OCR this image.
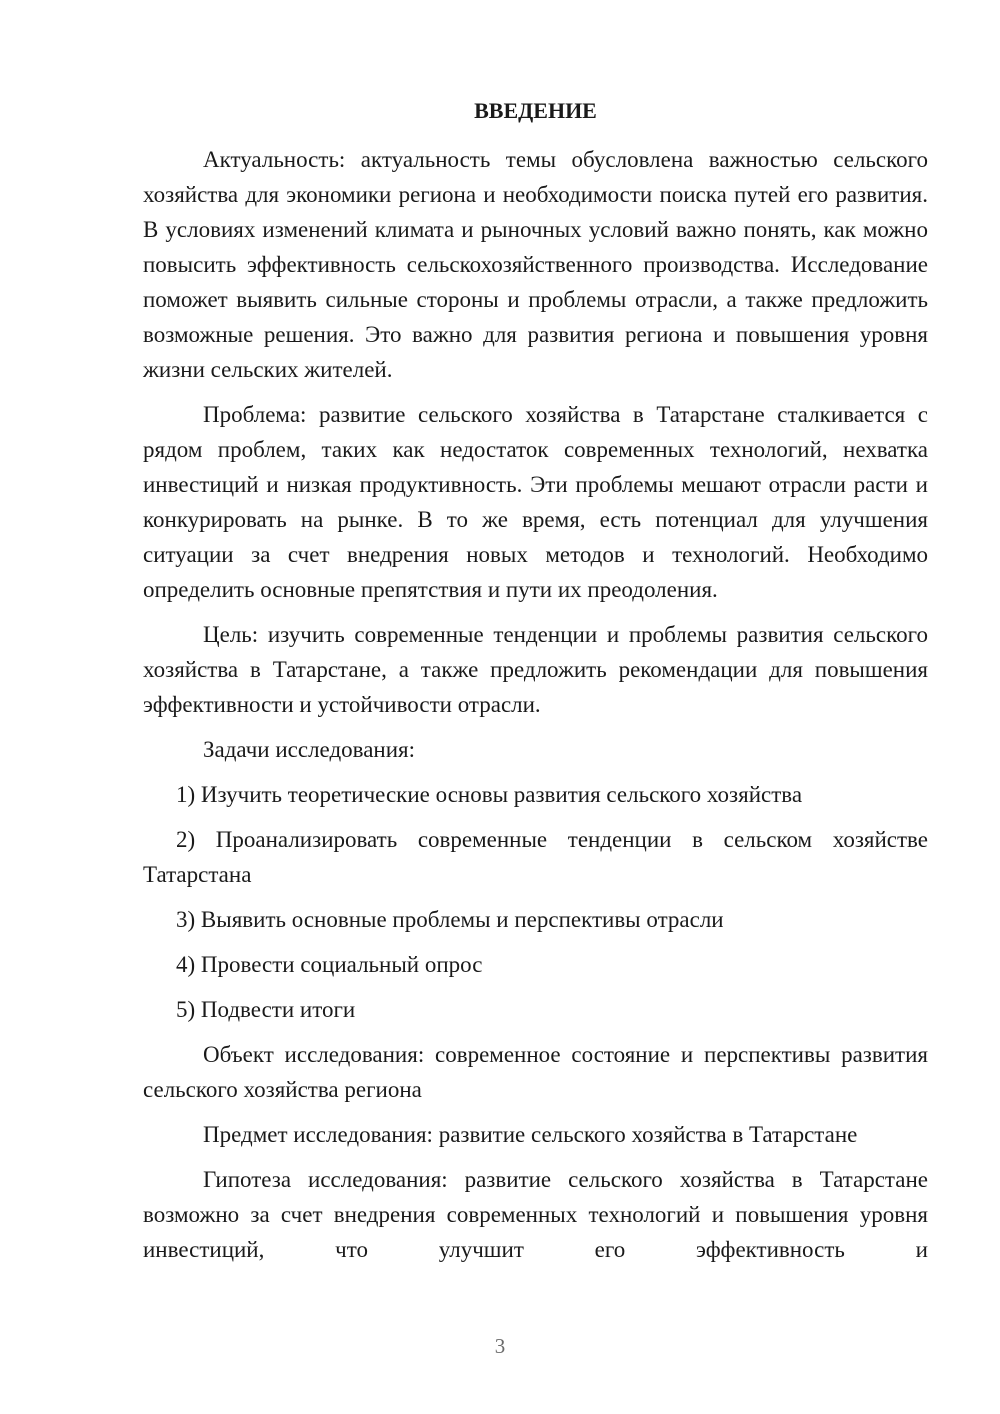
ВВЕДЕНИЕ

Актуальность: актуальность темы обусловлена важностью сельского хозяйства для экономики региона и необходимости поиска путей его развития. В условиях изменений климата и рыночных условий важно понять, как можно повысить эффективность сельскохозяйственного производства. Исследование поможет выявить сильные стороны и проблемы отрасли, а также предложить возможные решения. Это важно для развития региона и повышения уровня жизни сельских жителей.

Проблема: развитие сельского хозяйства в Татарстане сталкивается с рядом проблем, таких как недостаток современных технологий, нехватка инвестиций и низкая продуктивность. Эти проблемы мешают отрасли расти и конкурировать на рынке. В то же время, есть потенциал для улучшения ситуации за счет внедрения новых методов и технологий. Необходимо определить основные препятствия и пути их преодоления.

Цель: изучить современные тенденции и проблемы развития сельского хозяйства в Татарстане, а также предложить рекомендации для повышения эффективности и устойчивости отрасли.

Задачи исследования:

1) Изучить теоретические основы развития сельского хозяйства

2) Проанализировать современные тенденции в сельском хозяйстве Татарстана

3) Выявить основные проблемы и перспективы отрасли

4) Провести социальный опрос

5) Подвести итоги

Объект исследования: современное состояние и перспективы развития сельского хозяйства региона

Предмет исследования: развитие сельского хозяйства в Татарстане

Гипотеза исследования: развитие сельского хозяйства в Татарстане возможно за счет внедрения современных технологий и повышения уровня инвестиций, что улучшит его эффективность и

3
